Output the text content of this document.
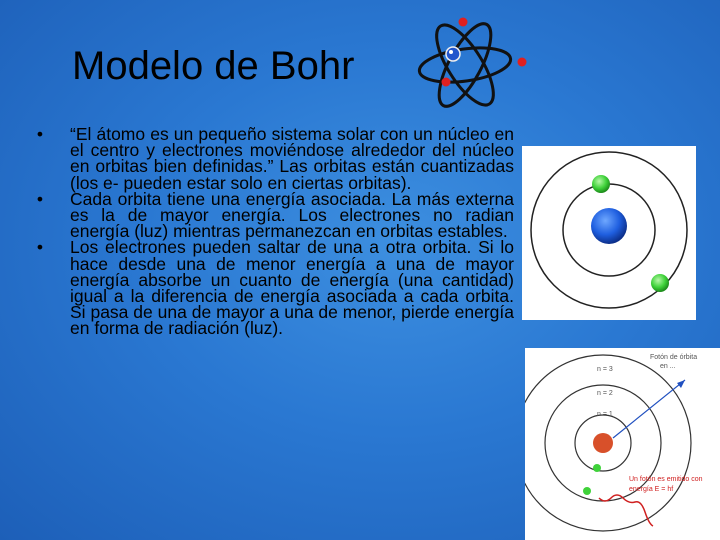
Modelo de Bohr
•	“El átomo es un pequeño sistema solar con un núcleo en el centro y electrones moviéndose alrededor del núcleo en orbitas bien definidas.” Las orbitas están cuantizadas (los e- pueden estar solo en ciertas orbitas).
•	Cada orbita tiene una energía asociada. La más externa es la de mayor energía. Los electrones no radian energía (luz) mientras permanezcan en orbitas estables.
•	Los electrones pueden saltar de una a otra orbita. Si lo hace desde una de menor energía a una de mayor energía absorbe un cuanto de energía (una cantidad) igual a la diferencia de energía asociada a cada orbita. Si pasa de una de mayor a una de menor, pierde energía en forma de radiación (luz).
Fotón de órbita
en ...
n = 3
n = 2
n = 1
Un fotón es emitido con
energía E = hf
